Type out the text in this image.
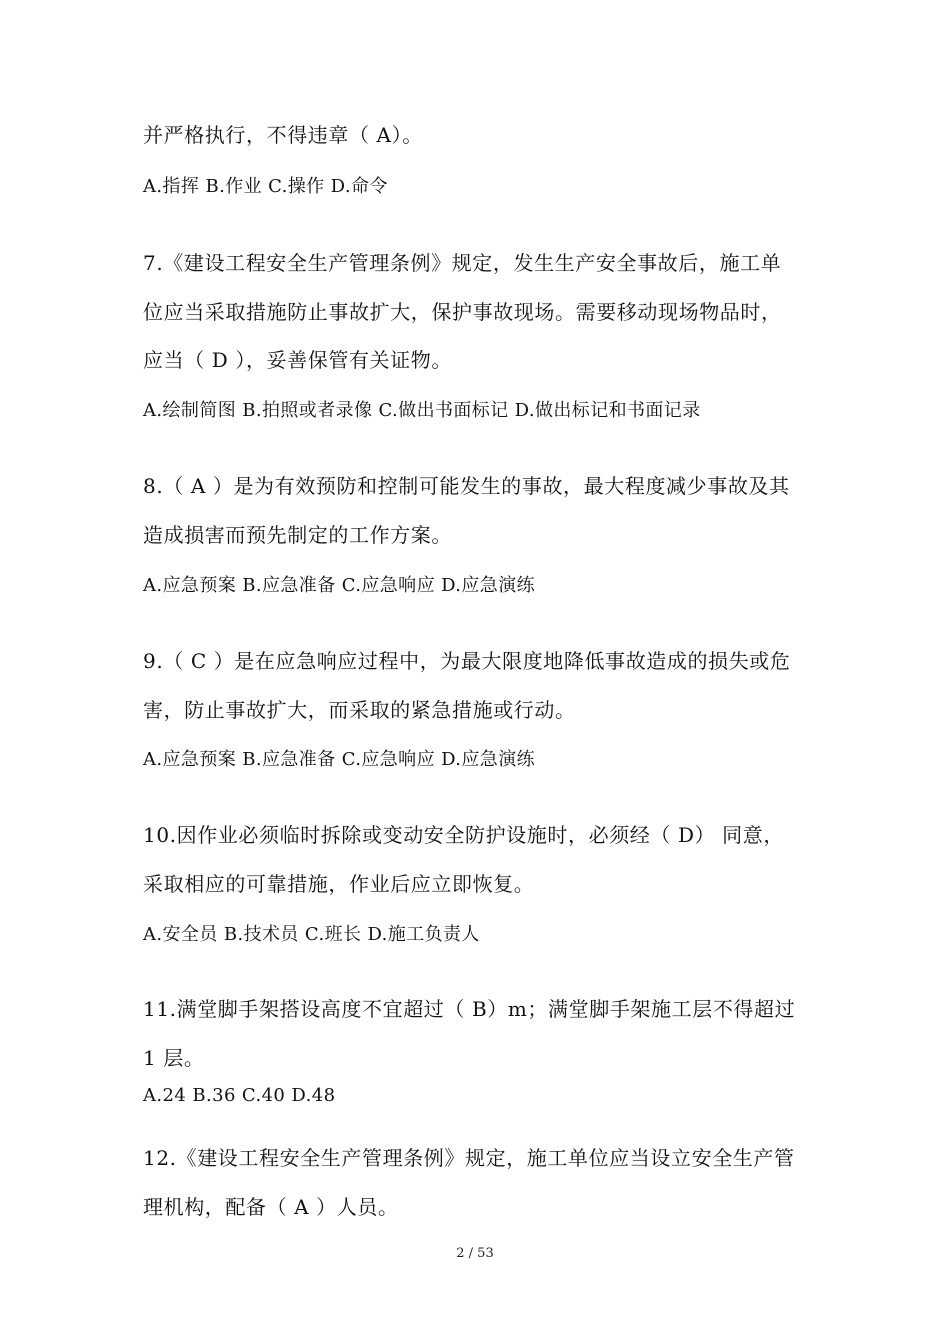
并严格执行，不得违章（ A）。
A.指挥 B.作业 C.操作 D.命令
7.《建设工程安全生产管理条例》规定，发生生产安全事故后，施工单
位应当采取措施防止事故扩大，保护事故现场。需要移动现场物品时，
应当（ D ），妥善保管有关证物。
A.绘制简图 B.拍照或者录像 C.做出书面标记 D.做出标记和书面记录
8.（ A ）是为有效预防和控制可能发生的事故，最大程度减少事故及其
造成损害而预先制定的工作方案。
A.应急预案 B.应急准备 C.应急响应 D.应急演练
9.（ C ）是在应急响应过程中，为最大限度地降低事故造成的损失或危
害，防止事故扩大，而采取的紧急措施或行动。
A.应急预案 B.应急准备 C.应急响应 D.应急演练
10.因作业必须临时拆除或变动安全防护设施时，必须经（ D） 同意，
采取相应的可靠措施，作业后应立即恢复。
A.安全员 B.技术员 C.班长 D.施工负责人
11.满堂脚手架搭设高度不宜超过（ B）m；满堂脚手架施工层不得超过
1 层。
A.24 B.36 C.40 D.48
12.《建设工程安全生产管理条例》规定，施工单位应当设立安全生产管
理机构，配备（ A ）人员。
2 / 53
